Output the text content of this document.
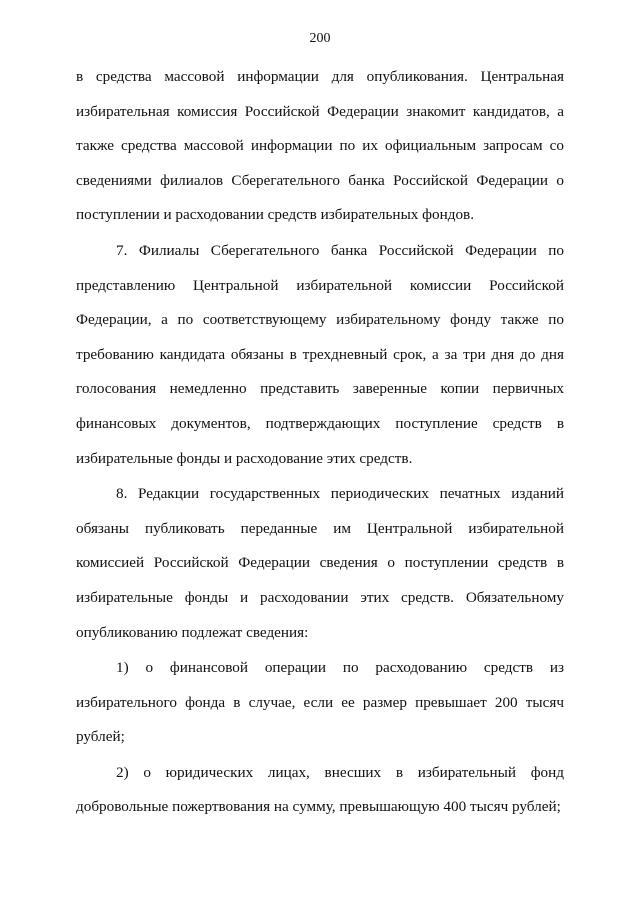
200

в средства массовой информации для опубликования. Центральная избирательная комиссия Российской Федерации знакомит кандидатов, а также средства массовой информации по их официальным запросам со сведениями филиалов Сберегательного банка Российской Федерации о поступлении и расходовании средств избирательных фондов.

7. Филиалы Сберегательного банка Российской Федерации по представлению Центральной избирательной комиссии Российской Федерации, а по соответствующему избирательному фонду также по требованию кандидата обязаны в трехдневный срок, а за три дня до дня голосования немедленно представить заверенные копии первичных финансовых документов, подтверждающих поступление средств в избирательные фонды и расходование этих средств.

8. Редакции государственных периодических печатных изданий обязаны публиковать переданные им Центральной избирательной комиссией Российской Федерации сведения о поступлении средств в избирательные фонды и расходовании этих средств. Обязательному опубликованию подлежат сведения:

1) о финансовой операции по расходованию средств из избирательного фонда в случае, если ее размер превышает 200 тысяч рублей;

2) о юридических лицах, внесших в избирательный фонд добровольные пожертвования на сумму, превышающую 400 тысяч рублей;
